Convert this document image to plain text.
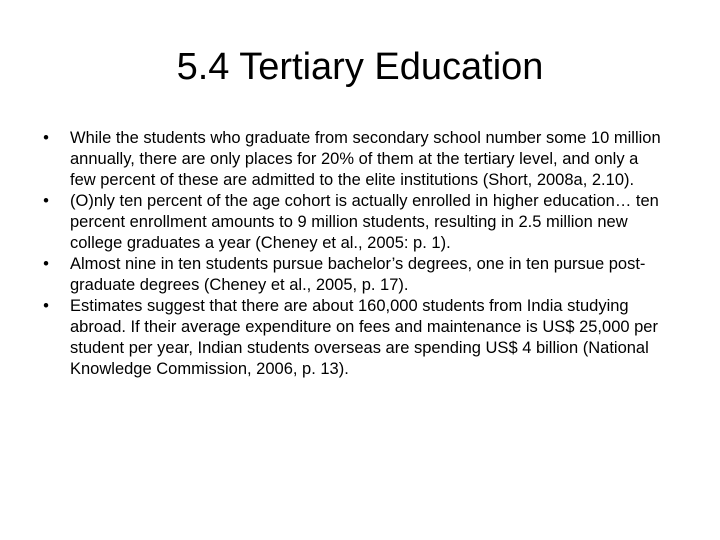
5.4 Tertiary Education
•	While the students who graduate from secondary school number some 10 million annually, there are only places for 20% of them at the tertiary level, and only a few percent of these are admitted to the elite institutions (Short, 2008a, 2.10).
•	(O)nly ten percent of the age cohort is actually enrolled in higher education… ten percent enrollment amounts to 9 million students, resulting in 2.5 million new college graduates a year (Cheney et al., 2005: p. 1).
•	Almost nine in ten students pursue bachelor’s degrees, one in ten pursue post-graduate degrees (Cheney et al., 2005, p. 17).
•	Estimates suggest that there are about 160,000 students from India studying abroad. If their average expenditure on fees and maintenance is US$ 25,000 per student per year, Indian students overseas are spending US$ 4 billion (National Knowledge Commission, 2006, p. 13).
